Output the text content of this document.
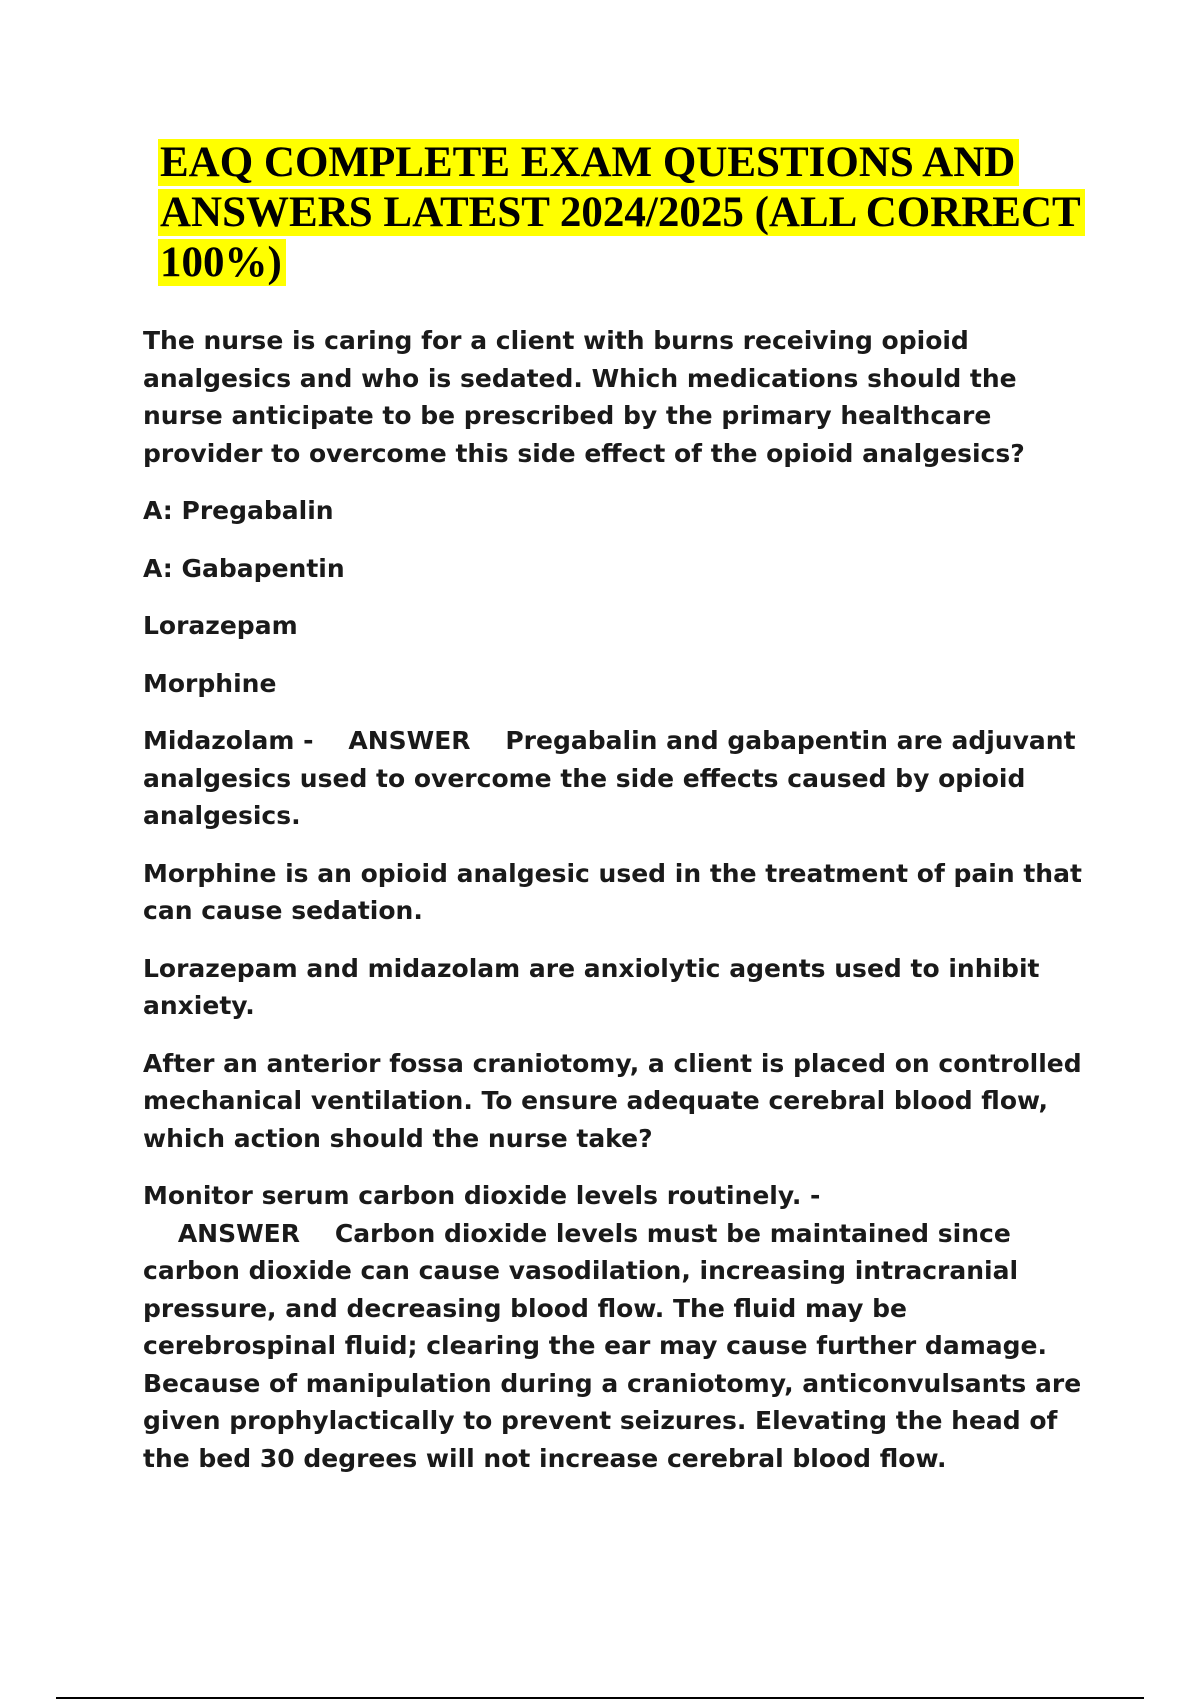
EAQ COMPLETE EXAM QUESTIONS AND ANSWERS LATEST 2024/2025 (ALL CORRECT 100%)

The nurse is caring for a client with burns receiving opioid analgesics and who is sedated. Which medications should the nurse anticipate to be prescribed by the primary healthcare provider to overcome this side effect of the opioid analgesics?

A: Pregabalin

A: Gabapentin

Lorazepam

Morphine

Midazolam - ANSWER Pregabalin and gabapentin are adjuvant analgesics used to overcome the side effects caused by opioid analgesics.

Morphine is an opioid analgesic used in the treatment of pain that can cause sedation.

Lorazepam and midazolam are anxiolytic agents used to inhibit anxiety.

After an anterior fossa craniotomy, a client is placed on controlled mechanical ventilation. To ensure adequate cerebral blood flow, which action should the nurse take?

Monitor serum carbon dioxide levels routinely. -    ANSWER Carbon dioxide levels must be maintained since carbon dioxide can cause vasodilation, increasing intracranial pressure, and decreasing blood flow. The fluid may be cerebrospinal fluid; clearing the ear may cause further damage. Because of manipulation during a craniotomy, anticonvulsants are given prophylactically to prevent seizures. Elevating the head of the bed 30 degrees will not increase cerebral blood flow.
